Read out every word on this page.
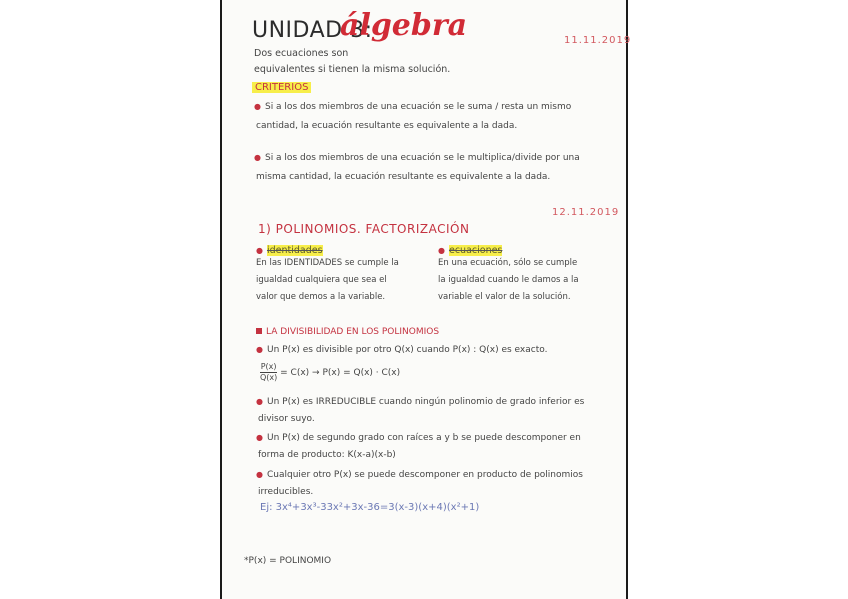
UNIDAD 3:
álgebra	11.11.2019
Dos ecuaciones son
equivalentes si tienen la misma solución.
CRITERIOS
● Si a los dos miembros de una ecuación se le suma / resta un mismo
cantidad, la ecuación resultante es equivalente a la dada.
● Si a los dos miembros de una ecuación se le multiplica/divide por una
misma cantidad, la ecuación resultante es equivalente a la dada.
12.11.2019
1) POLINOMIOS. FACTORIZACIÓN
● identidades
En las IDENTIDADES se cumple la
igualdad cualquiera que sea el
valor que demos a la variable.
● ecuaciones
En una ecuación, sólo se cumple
la igualdad cuando le damos a la
variable el valor de la solución.
LA DIVISIBILIDAD EN LOS POLINOMIOS
● Un P(x) es divisible por otro Q(x) cuando P(x) : Q(x) es exacto.
$\frac{P(x)}{Q(x)} = C(x) \to P(x) = Q(x) \cdot C(x)$
● Un P(x) es IRREDUCIBLE cuando ningún polinomio de grado inferior es
divisor suyo.
● Un P(x) de segundo grado con raíces a y b se puede descomponer en
forma de producto: K(x-a)(x-b)
● Cualquier otro P(x) se puede descomponer en producto de polinomios
irreducibles.
Ej: 3x⁴+3x³-33x²+3x-36=3(x-3)(x+4)(x²+1)
*P(x) = POLINOMIO
